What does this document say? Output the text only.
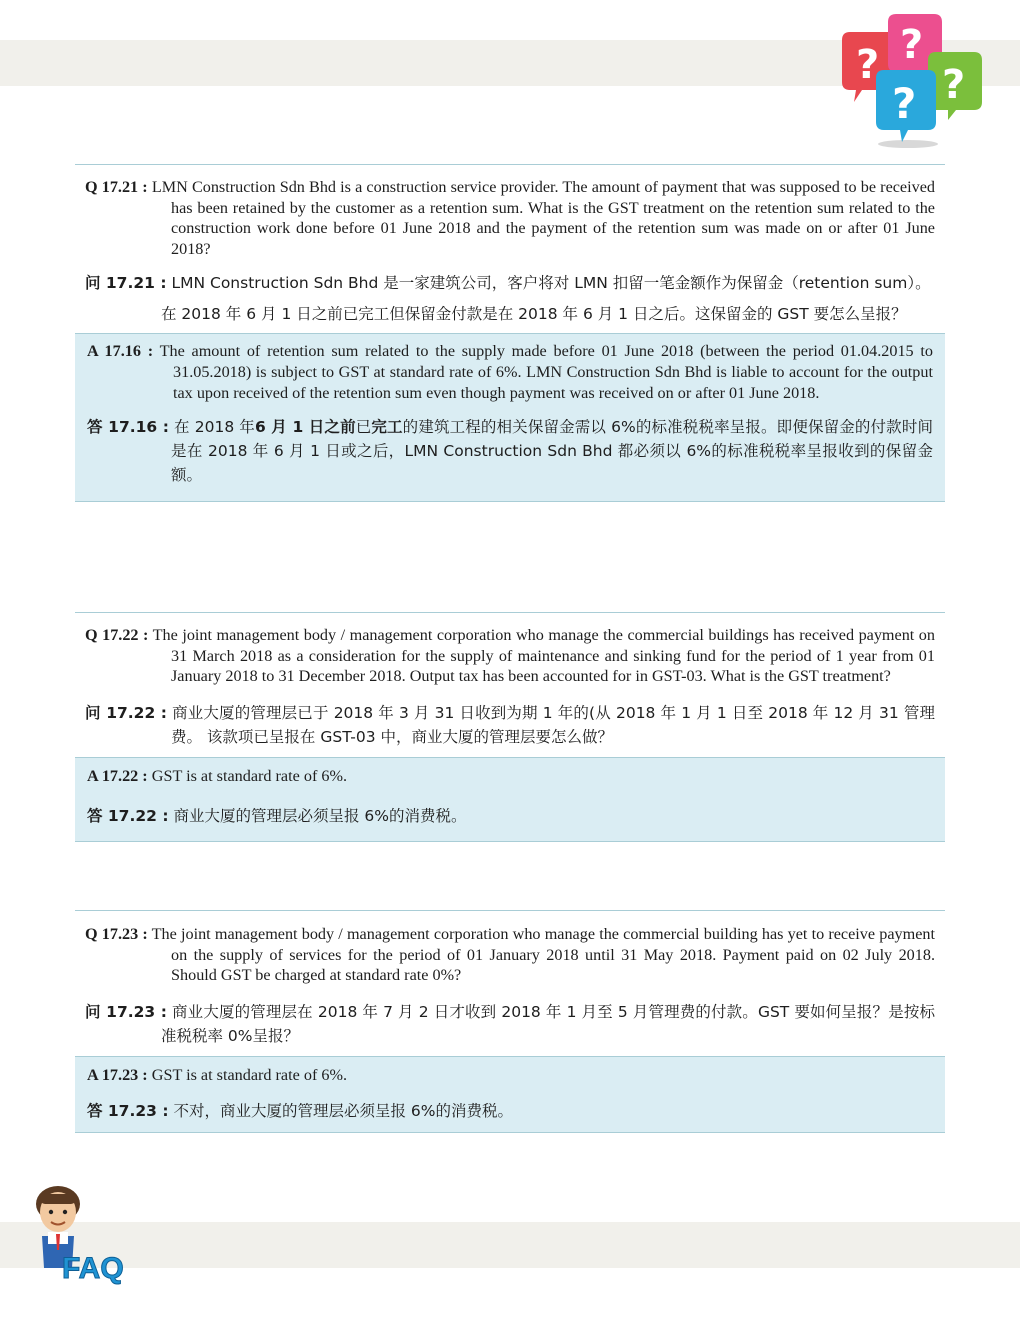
? ?
?
?
Q 17.21 : LMN Construction Sdn Bhd is a construction service provider. The amount of payment that was supposed to be received has been retained by the customer as a retention sum. What is the GST treatment on the retention sum related to the construction work done before 01 June 2018 and the payment of the retention sum was made on or after 01 June 2018?
问 17.21 : LMN Construction Sdn Bhd 是一家建筑公司，客户将对 LMN 扣留一笔金额作为保留金（retention sum）。
在 2018 年 6 月 1 日之前已完工但保留金付款是在 2018 年 6 月 1 日之后。这保留金的 GST 要怎么呈报？
A 17.16 : The amount of retention sum related to the supply made before 01 June 2018 (between the period 01.04.2015 to 31.05.2018) is subject to GST at standard rate of 6%. LMN Construction Sdn Bhd is liable to account for the output tax upon received of the retention sum even though payment was received on or after 01 June 2018.
答 17.16 : 在 2018 年6 月 1 日之前已完工的建筑工程的相关保留金需以 6%的标准税税率呈报。即便保留金的付款时间是在 2018 年 6 月 1 日或之后，LMN Construction Sdn Bhd 都必须以 6%的标准税税率呈报收到的保留金额。
Q 17.22 : The joint management body / management corporation who manage the commercial buildings has received payment on 31 March 2018 as a consideration for the supply of maintenance and sinking fund for the period of 1 year from 01 January 2018 to 31 December 2018. Output tax has been accounted for in GST-03. What is the GST treatment?
问 17.22 : 商业大厦的管理层已于 2018 年 3 月 31 日收到为期 1 年的(从 2018 年 1 月 1 日至 2018 年 12 月 31 管理费。 该款项已呈报在 GST-03 中，商业大厦的管理层要怎么做？
A 17.22 : GST is at standard rate of 6%.
答 17.22 : 商业大厦的管理层必须呈报 6%的消费税。
Q 17.23 : The joint management body / management corporation who manage the commercial building has yet to receive payment on the supply of services for the period of 01 January 2018 until 31 May 2018. Payment paid on 02 July 2018. Should GST be charged at standard rate 0%?
问 17.23 : 商业大厦的管理层在 2018 年 7 月 2 日才收到 2018 年 1 月至 5 月管理费的付款。GST 要如何呈报？是按标准税税率 0%呈报？
A 17.23 : GST is at standard rate of 6%.
答 17.23 : 不对，商业大厦的管理层必须呈报 6%的消费税。
FAQ
